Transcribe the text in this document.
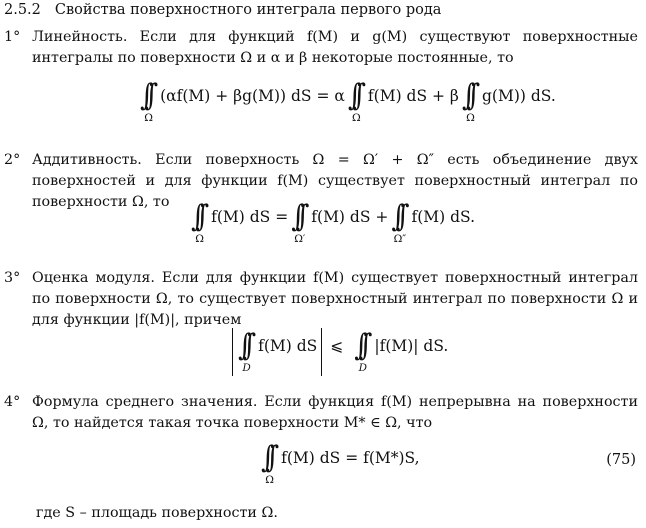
2.5.2 Свойства поверхностного интеграла первого рода
1° Линейность. Если для функций f(M) и g(M) существуют поверхностные интегралы по поверхности Ω и α и β некоторые постоянные, то
∫∫
Ω
(αf(M) + βg(M)) dS = α ∫∫
Ω
f(M) dS + β ∫∫
Ω
g(M)) dS.
2° Аддитивность. Если поверхность Ω = Ω′ + Ω″ есть объединение двух поверхностей и для функции f(M) существует поверхностный интеграл по поверхности Ω, то ∫∫
Ω
f(M) dS = ∫∫
Ω′
f(M) dS + ∫∫
Ω″
f(M) dS.
3° Оценка модуля. Если для функции f(M) существует поверхностный интеграл по поверхности Ω, то существует поверхностный интеграл по поверхности Ω и для функции |f(M)|, причем
∫∫
D
f(M) dS ⩽ ∫∫
D
|f(M)| dS.
4° Формула среднего значения. Если функция f(M) непрерывна на поверхности Ω, то найдется такая точка поверхности M* ∈ Ω, что
∫∫
Ω
f(M) dS = f(M*)S,	(75)
где S – площадь поверхности Ω.
